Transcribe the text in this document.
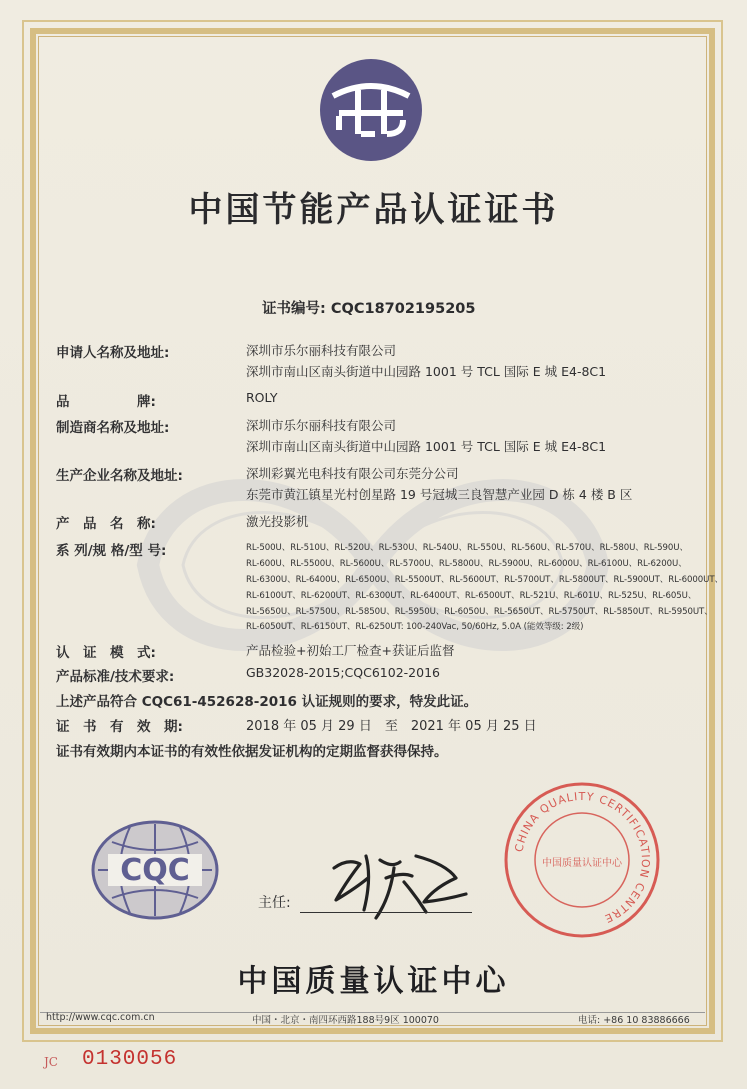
中国节能产品认证证书
证书编号: CQC18702195205
申请人名称及地址:	深圳市乐尔丽科技有限公司
深圳市南山区南头街道中山园路 1001 号 TCL 国际 E 城 E4-8C1
品　　　　　牌:	ROLY
制造商名称及地址:	深圳市乐尔丽科技有限公司
深圳市南山区南头街道中山园路 1001 号 TCL 国际 E 城 E4-8C1
生产企业名称及地址:	深圳彩翼光电科技有限公司东莞分公司
东莞市黄江镇星光村创星路 19 号冠城三良智慧产业园 D 栋 4 楼 B 区
产　品　名　称:	激光投影机
系 列/规 格/型 号:	RL-500U、RL-510U、RL-520U、RL-530U、RL-540U、RL-550U、RL-560U、RL-570U、RL-580U、RL-590U、
RL-600U、RL-5500U、RL-5600U、RL-5700U、RL-5800U、RL-5900U、RL-6000U、RL-6100U、RL-6200U、
RL-6300U、RL-6400U、RL-6500U、RL-5500UT、RL-5600UT、RL-5700UT、RL-5800UT、RL-5900UT、RL-6000UT、
RL-6100UT、RL-6200UT、RL-6300UT、RL-6400UT、RL-6500UT、RL-521U、RL-601U、RL-525U、RL-605U、
RL-5650U、RL-5750U、RL-5850U、RL-5950U、RL-6050U、RL-5650UT、RL-5750UT、RL-5850UT、RL-5950UT、
RL-6050UT、RL-6150UT、RL-6250UT: 100-240Vac, 50/60Hz, 5.0A (能效等级: 2级)
认　证　模　式:	产品检验+初始工厂检查+获证后监督
产品标准/技术要求:	GB32028-2015;CQC6102-2016
上述产品符合 CQC61-452628-2016 认证规则的要求，特发此证。
证　书　有　效　期:	2018 年 05 月 29 日　至　2021 年 05 月 25 日
证书有效期内本证书的有效性依据发证机构的定期监督获得保持。
CQC
主任:
CHINA QUALITY CERTIFICATION CENTRE
中国质量认证中心
中国质量认证中心
http://www.cqc.com.cn	中国・北京・南四环西路188号9区 100070	电话: +86 10 83886666
JC 0130056
